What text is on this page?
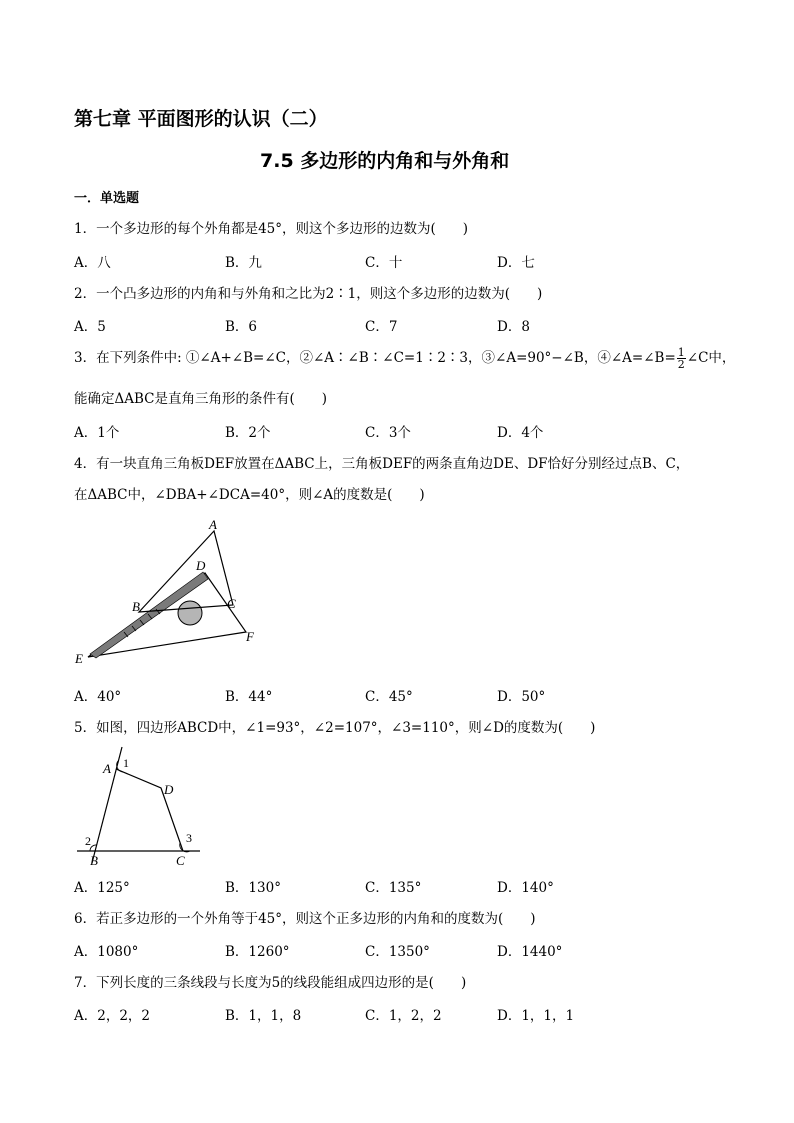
第七章 平面图形的认识（二）
7.5 多边形的内角和与外角和
一．单选题
1．一个多边形的每个外角都是45°，则这个多边形的边数为(　　)
A．八	B．九	C．十	D．七
2．一个凸多边形的内角和与外角和之比为2∶1，则这个多边形的边数为(　　)
A．5	B．6	C．7	D．8
3．在下列条件中: ①∠A+∠B=∠C，②∠A∶∠B∶∠C=1∶2∶3，③∠A=90°−∠B，④∠A=∠B= $\frac{1}{2}$ ∠C中，
能确定ΔABC是直角三角形的条件有(　　)
A．1个	B．2个	C．3个	D．4个
4．有一块直角三角板DEF放置在ΔABC上，三角板DEF的两条直角边DE、DF恰好分别经过点B、C，
在ΔABC中，∠DBA+∠DCA=40°，则∠A的度数是(　　)
A
B	C
D
E
F
A．40°	B．44°	C．45°	D．50°
5．如图，四边形ABCD中，∠1=93°，∠2=107°，∠3=110°，则∠D的度数为(　　)
A 1
D
2	3
B	C
A．125°	B．130°	C．135°	D．140°
6．若正多边形的一个外角等于45°，则这个正多边形的内角和的度数为(　　)
A．1080°	B．1260°	C．1350°	D．1440°
7．下列长度的三条线段与长度为5的线段能组成四边形的是(　　)
A．2，2，2	B．1，1，8	C．1，2，2	D．1，1，1
